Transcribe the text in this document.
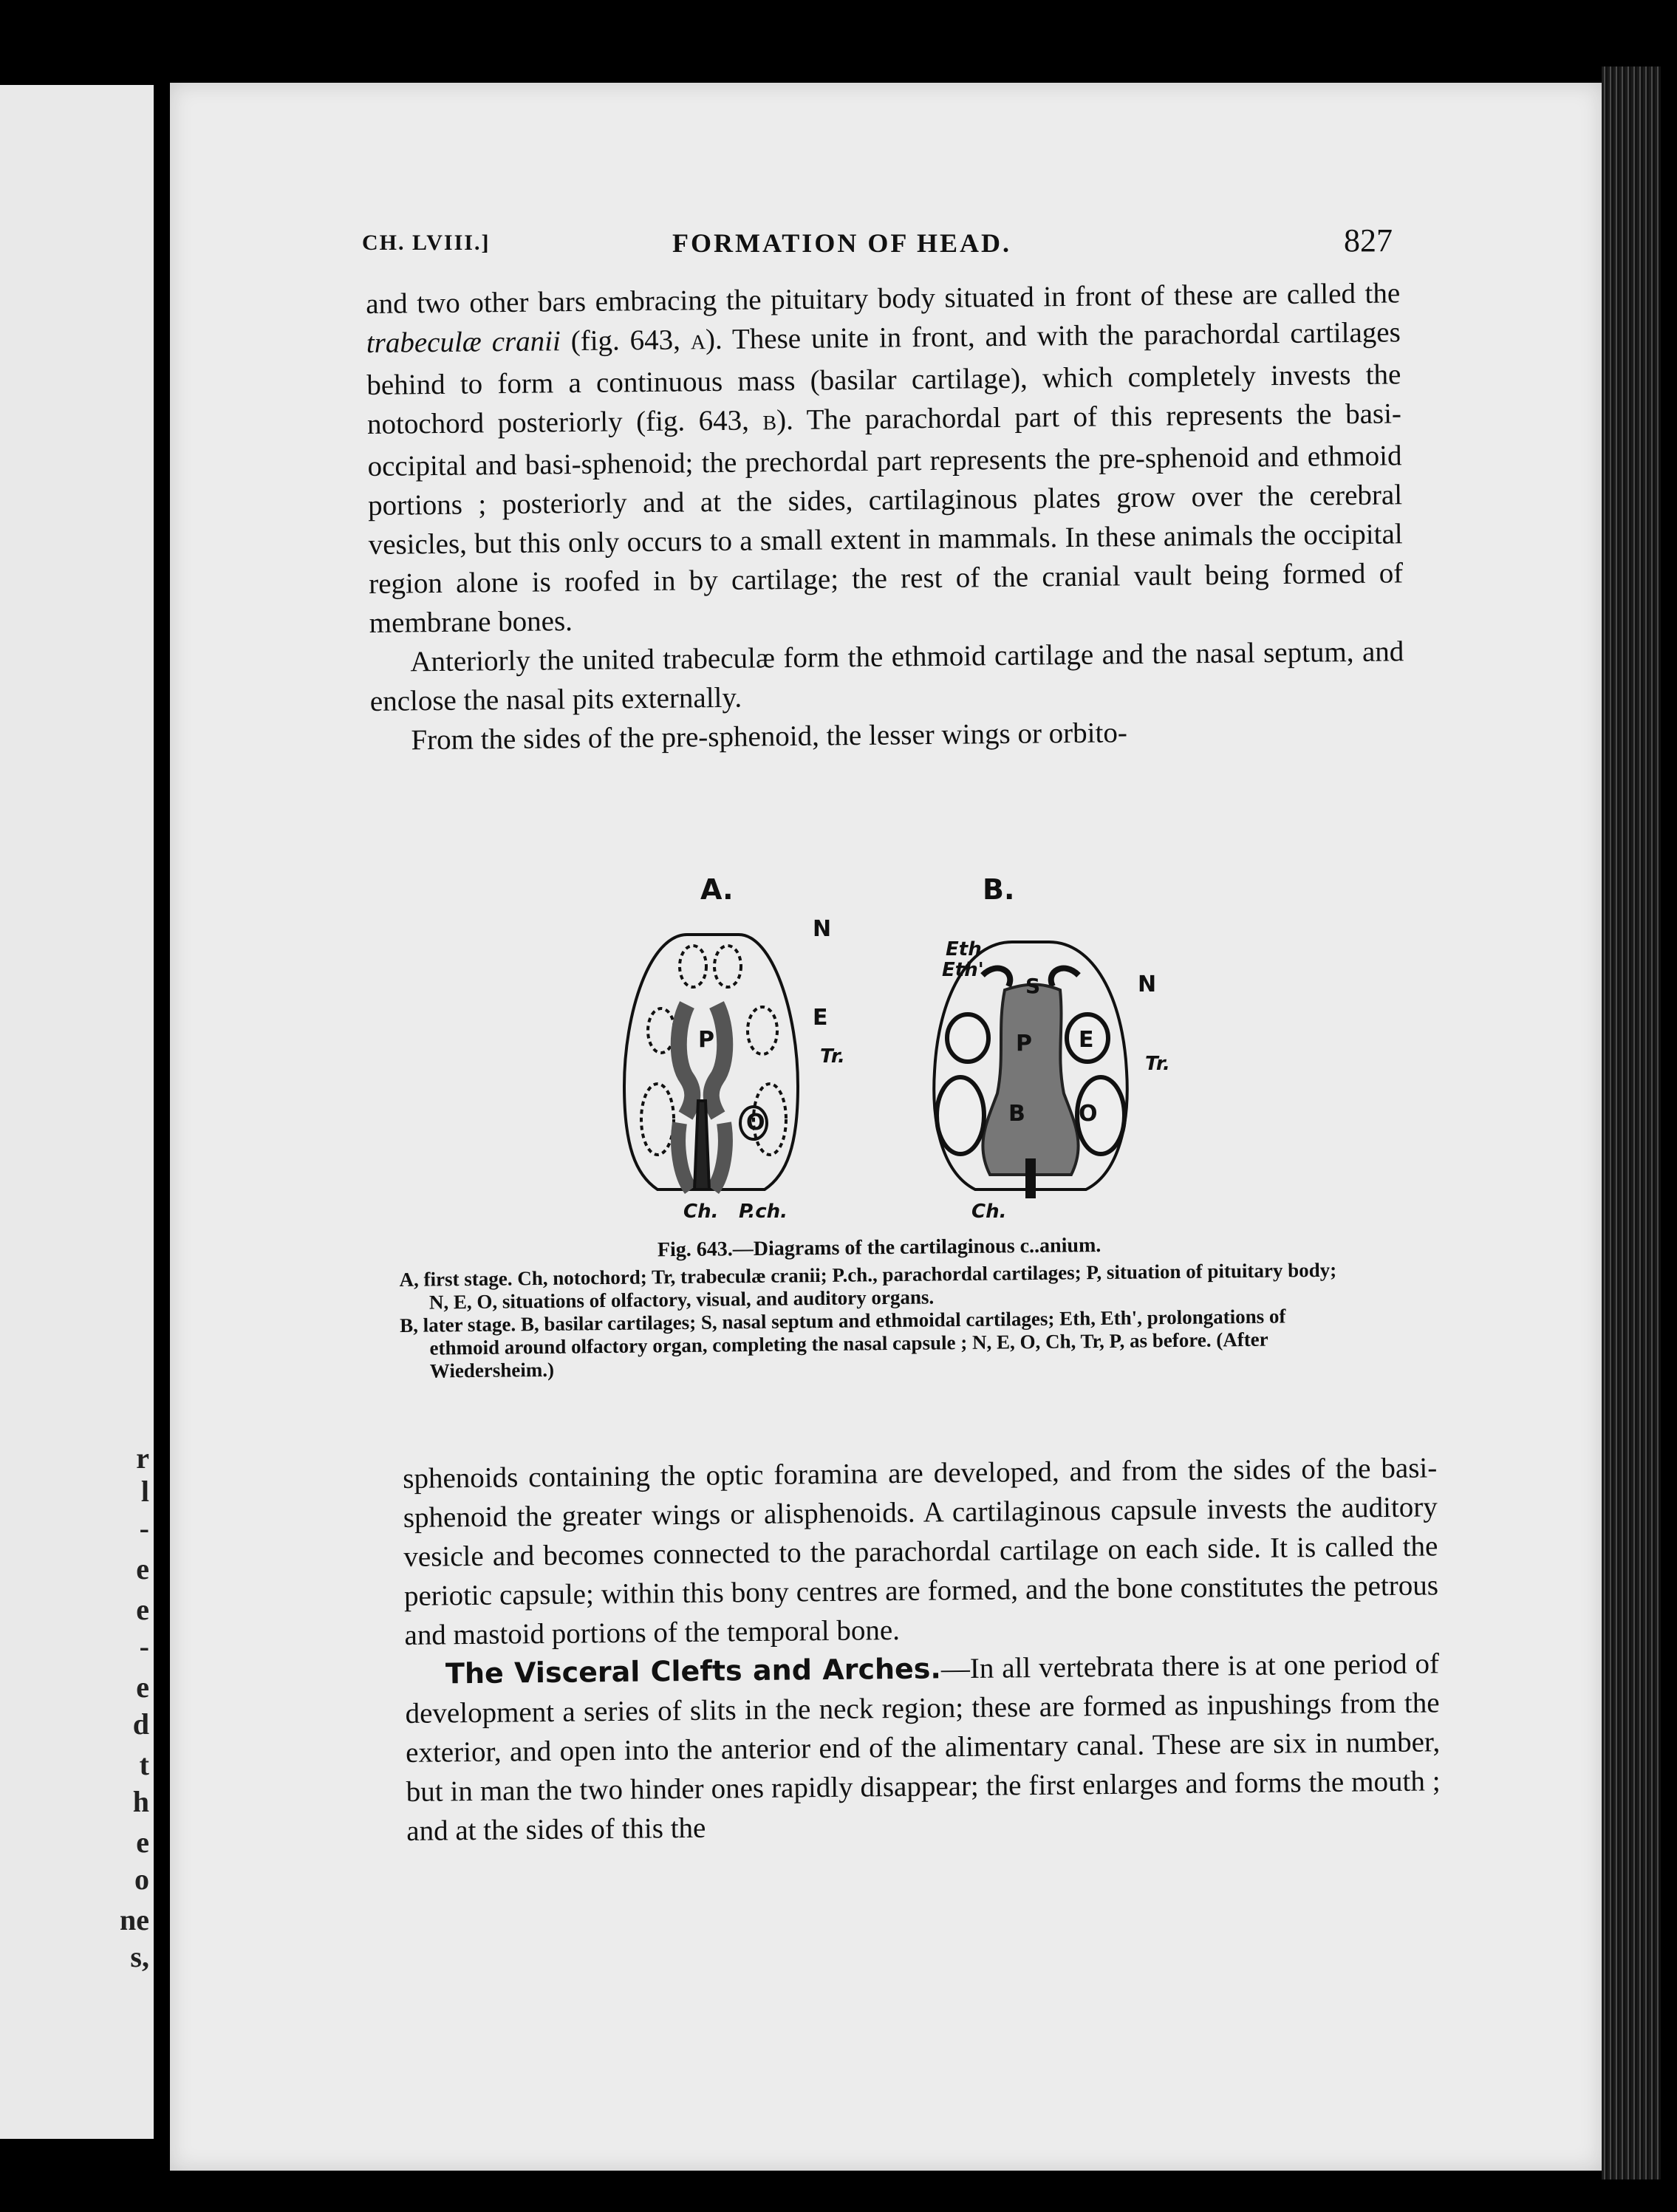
r
l
-
e
e
-
e
d
t
h
e
o
ne
s,
CH. LVIII.]	FORMATION OF HEAD.	827

and two other bars embracing the pituitary body situated in front of these are called the trabeculæ cranii (fig. 643, A). These unite in front, and with the parachordal cartilages behind to form a continuous mass (basilar cartilage), which completely invests the notochord posteriorly (fig. 643, B). The parachordal part of this represents the basi-occipital and basi-sphenoid; the prechordal part represents the pre-sphenoid and ethmoid portions ; posteriorly and at the sides, cartilaginous plates grow over the cerebral vesicles, but this only occurs to a small extent in mammals. In these animals the occipital region alone is roofed in by cartilage; the rest of the cranial vault being formed of membrane bones.

Anteriorly the united trabeculæ form the ethmoid cartilage and the nasal septum, and enclose the nasal pits externally.

From the sides of the pre-sphenoid, the lesser wings or orbito-

A.	B.
N
E
Tr.
P
O
Ch. P.ch.
Eth
Eth'
N
S
P E
Tr.
B O
Ch.
Fig. 643.—Diagrams of the cartilaginous c..anium.

A, first stage. Ch, notochord; Tr, trabeculæ cranii; P.ch., parachordal cartilages; P, situation of pituitary body; N, E, O, situations of olfactory, visual, and auditory organs.

B, later stage. B, basilar cartilages; S, nasal septum and ethmoidal cartilages; Eth, Eth', prolongations of ethmoid around olfactory organ, completing the nasal capsule ; N, E, O, Ch, Tr, P, as before. (After Wiedersheim.)

sphenoids containing the optic foramina are developed, and from the sides of the basi-sphenoid the greater wings or alisphenoids. A cartilaginous capsule invests the auditory vesicle and becomes connected to the parachordal cartilage on each side. It is called the periotic capsule; within this bony centres are formed, and the bone constitutes the petrous and mastoid portions of the temporal bone.

The Visceral Clefts and Arches.—In all vertebrata there is at one period of development a series of slits in the neck region; these are formed as inpushings from the exterior, and open into the anterior end of the alimentary canal. These are six in number, but in man the two hinder ones rapidly disappear; the first enlarges and forms the mouth ; and at the sides of this the
